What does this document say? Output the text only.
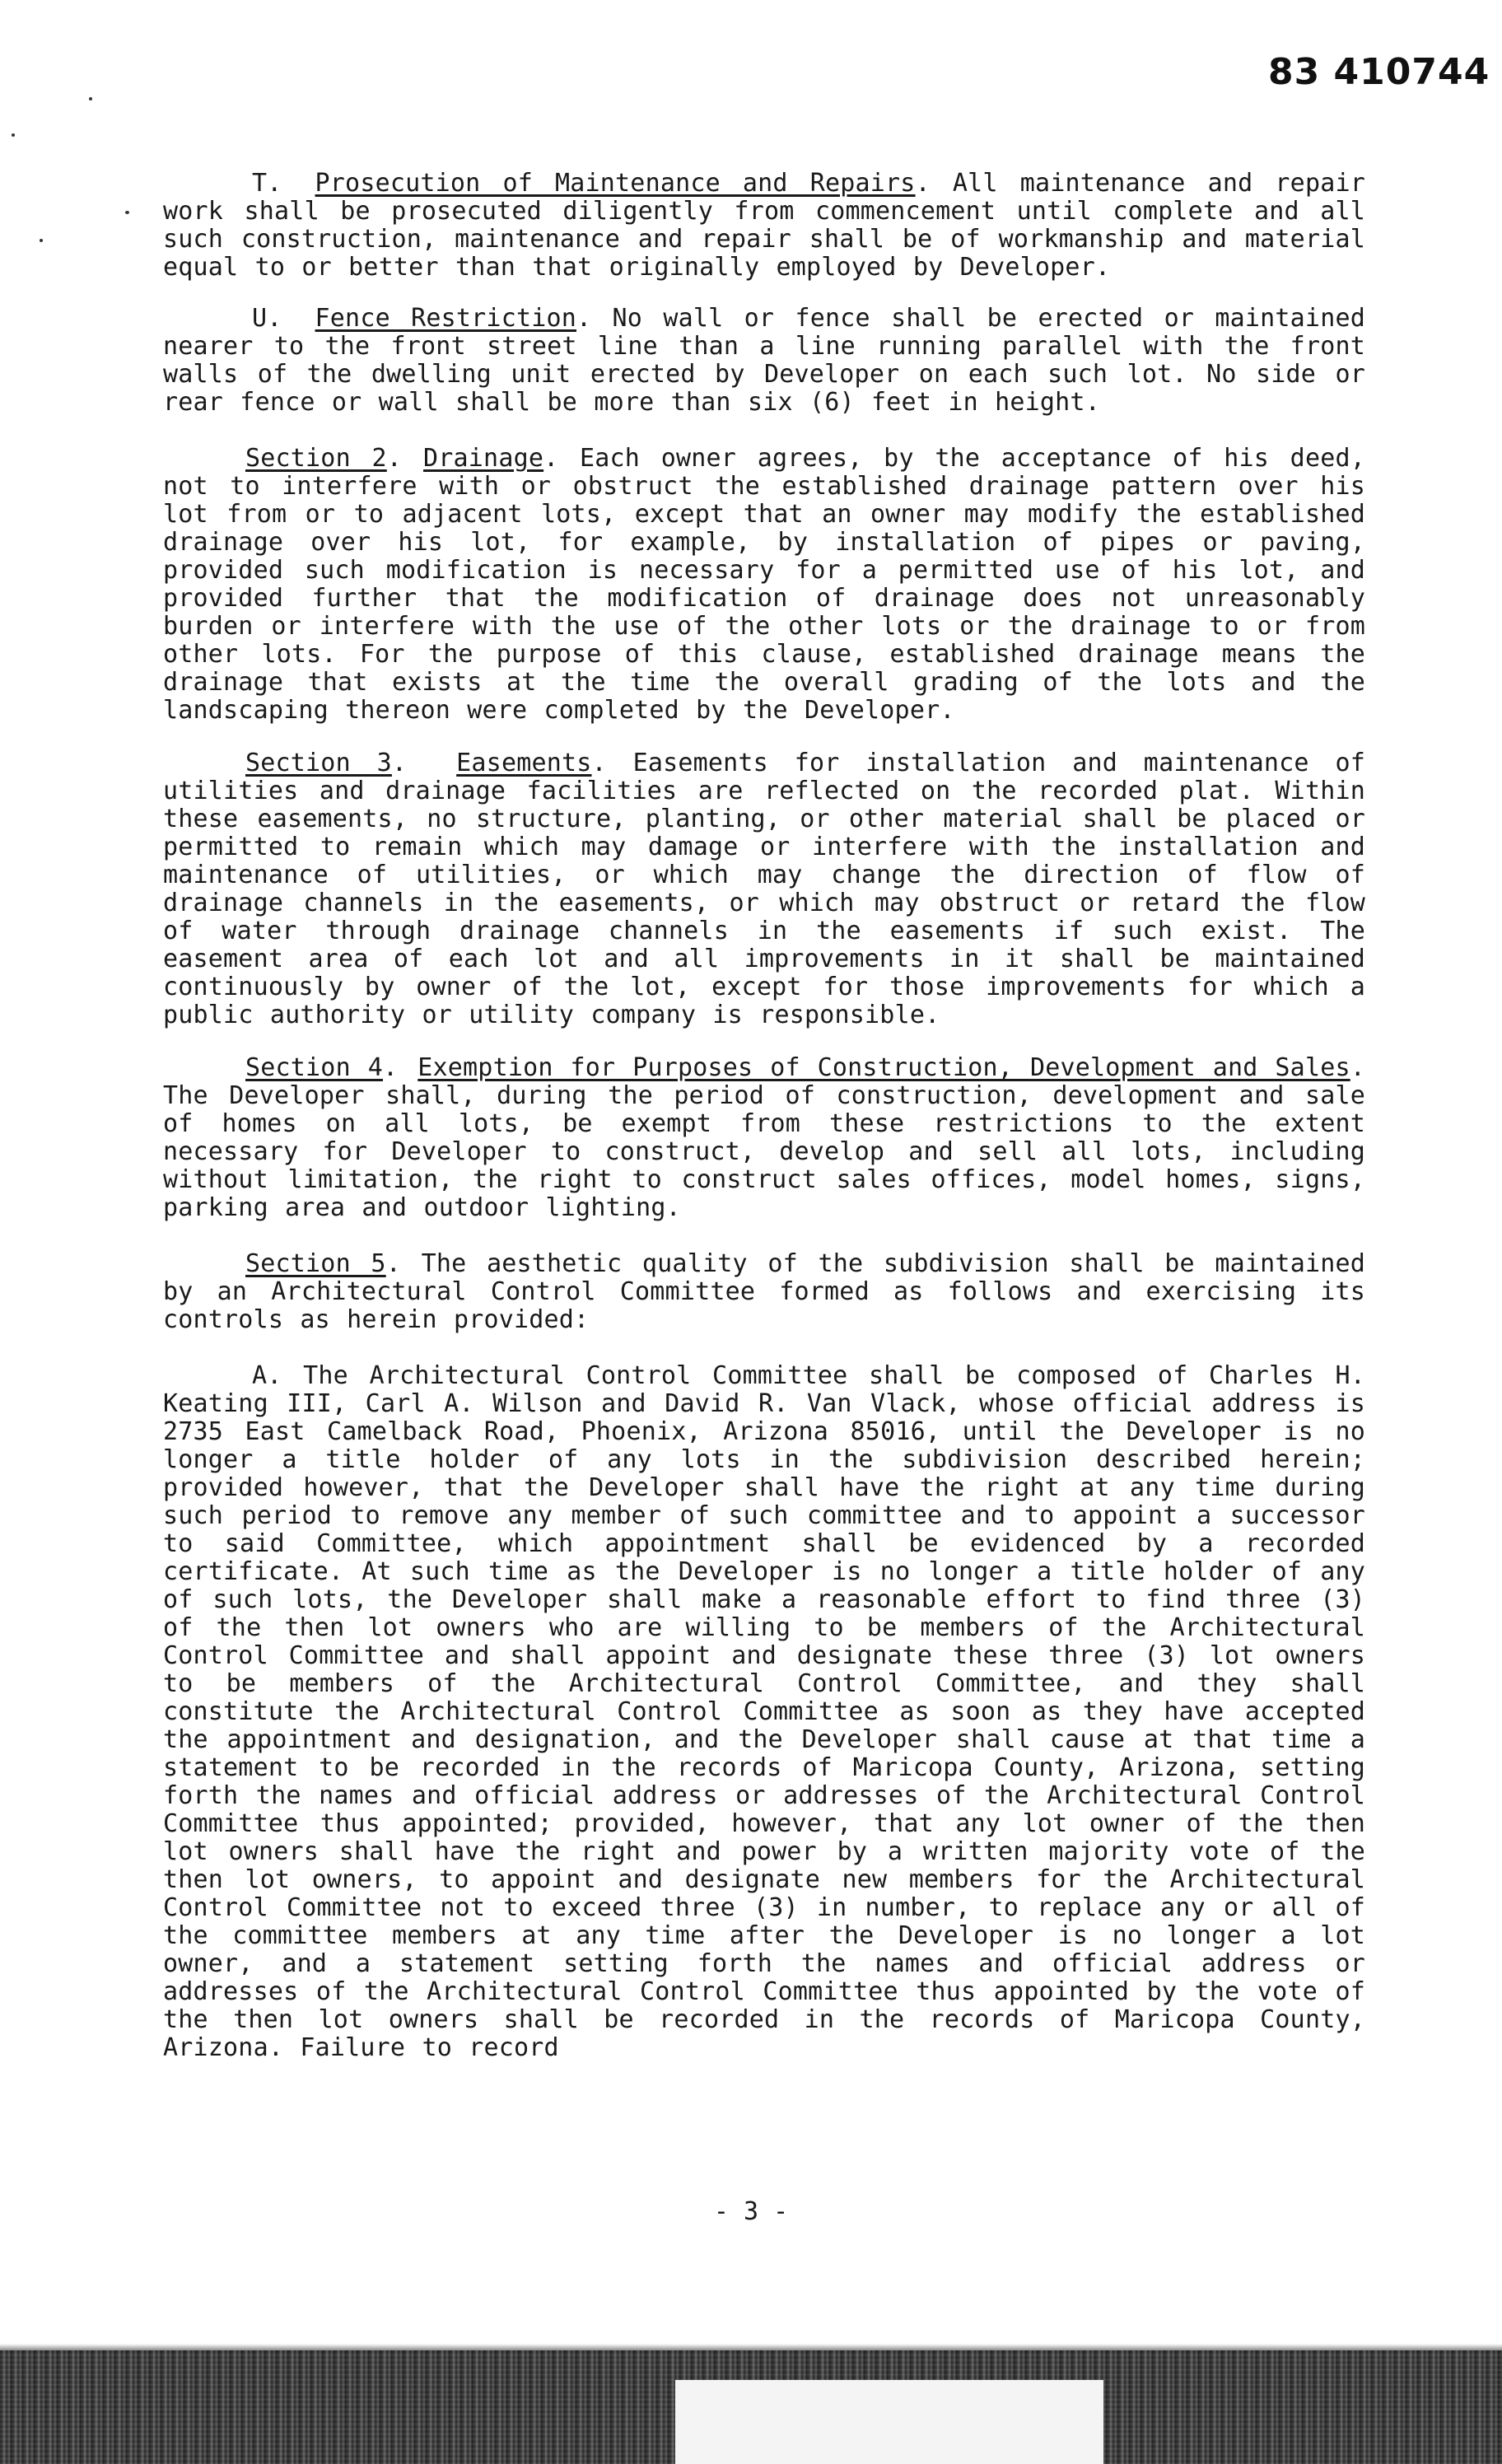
83 410744
T. Prosecution of Maintenance and Repairs. All maintenance and repair work shall be prosecuted diligently from commencement until complete and all such construction, maintenance and repair shall be of workmanship and material equal to or better than that originally employed by Developer.
U. Fence Restriction. No wall or fence shall be erected or maintained nearer to the front street line than a line running parallel with the front walls of the dwelling unit erected by Developer on each such lot. No side or rear fence or wall shall be more than six (6) feet in height.
Section 2. Drainage. Each owner agrees, by the acceptance of his deed, not to interfere with or obstruct the established drainage pattern over his lot from or to adjacent lots, except that an owner may modify the established drainage over his lot, for example, by installation of pipes or paving, provided such modification is necessary for a permitted use of his lot, and provided further that the modification of drainage does not unreasonably burden or interfere with the use of the other lots or the drainage to or from other lots. For the purpose of this clause, established drainage means the drainage that exists at the time the overall grading of the lots and the landscaping thereon were completed by the Developer.
Section 3. Easements. Easements for installation and maintenance of utilities and drainage facilities are reflected on the recorded plat. Within these easements, no structure, planting, or other material shall be placed or permitted to remain which may damage or interfere with the installation and maintenance of utilities, or which may change the direction of flow of drainage channels in the easements, or which may obstruct or retard the flow of water through drainage channels in the easements if such exist. The easement area of each lot and all improvements in it shall be maintained continuously by owner of the lot, except for those improvements for which a public authority or utility company is responsible.
Section 4. Exemption for Purposes of Construction, Development and Sales. The Developer shall, during the period of construction, development and sale of homes on all lots, be exempt from these restrictions to the extent necessary for Developer to construct, develop and sell all lots, including without limitation, the right to construct sales offices, model homes, signs, parking area and outdoor lighting.
Section 5. The aesthetic quality of the subdivision shall be maintained by an Architectural Control Committee formed as follows and exercising its controls as herein provided:
A. The Architectural Control Committee shall be composed of Charles H. Keating III, Carl A. Wilson and David R. Van Vlack, whose official address is 2735 East Camelback Road, Phoenix, Arizona 85016, until the Developer is no longer a title holder of any lots in the subdivision described herein; provided however, that the Developer shall have the right at any time during such period to remove any member of such committee and to appoint a successor to said Committee, which appointment shall be evidenced by a recorded certificate. At such time as the Developer is no longer a title holder of any of such lots, the Developer shall make a reasonable effort to find three (3) of the then lot owners who are willing to be members of the Architectural Control Committee and shall appoint and designate these three (3) lot owners to be members of the Architectural Control Committee, and they shall constitute the Architectural Control Committee as soon as they have accepted the appointment and designation, and the Developer shall cause at that time a statement to be recorded in the records of Maricopa County, Arizona, setting forth the names and official address or addresses of the Architectural Control Committee thus appointed; provided, however, that any lot owner of the then lot owners shall have the right and power by a written majority vote of the then lot owners, to appoint and designate new members for the Architectural Control Committee not to exceed three (3) in number, to replace any or all of the committee members at any time after the Developer is no longer a lot owner, and a statement setting forth the names and official address or addresses of the Architectural Control Committee thus appointed by the vote of the then lot owners shall be recorded in the records of Maricopa County, Arizona. Failure to record
- 3 -
